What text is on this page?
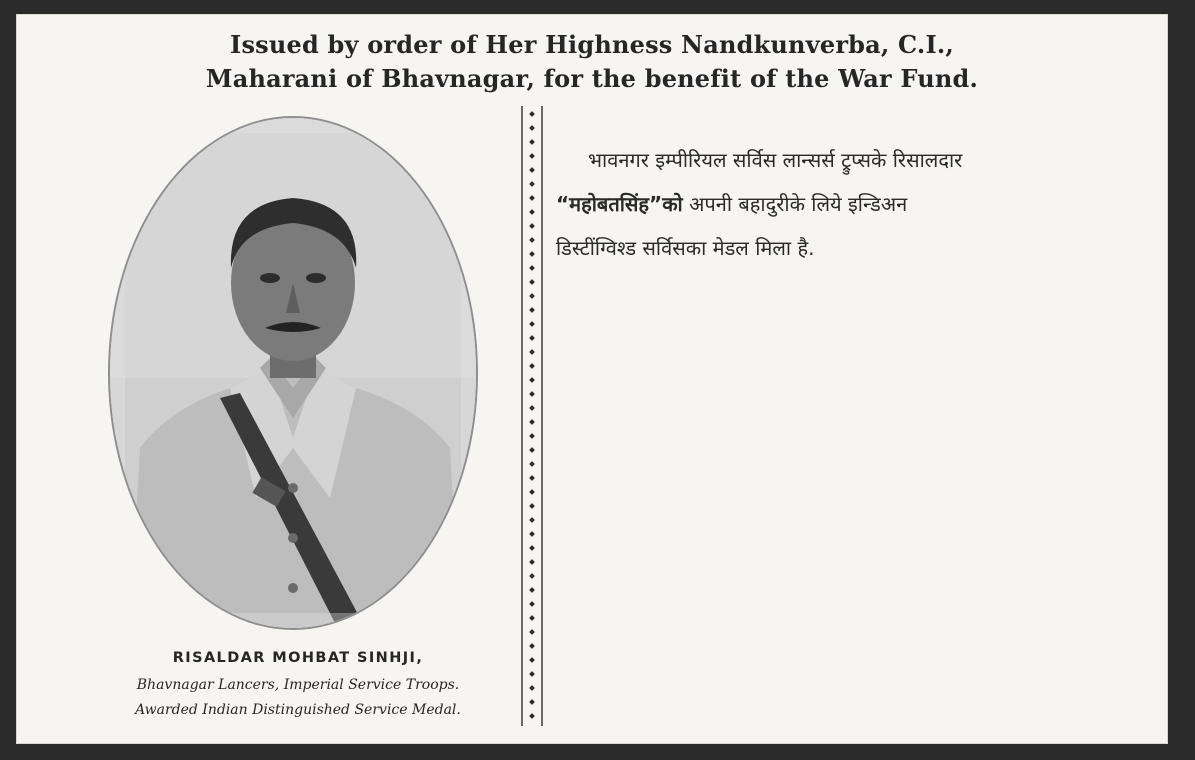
Issued by order of Her Highness Nandkunverba, C.I.,
Maharani of Bhavnagar, for the benefit of the War Fund.
RISALDAR MOHBAT SINHJI,
Bhavnagar Lancers, Imperial Service Troops.
Awarded Indian Distinguished Service Medal.
भावनगर इम्पीरियल सर्विस लान्सर्स ट्रुप्सके रिसालदार
“महोबतसिंह”को अपनी बहादुरीके लिये इन्डिअन
डिस्टींग्विश्ड सर्विसका मेडल मिला है.
